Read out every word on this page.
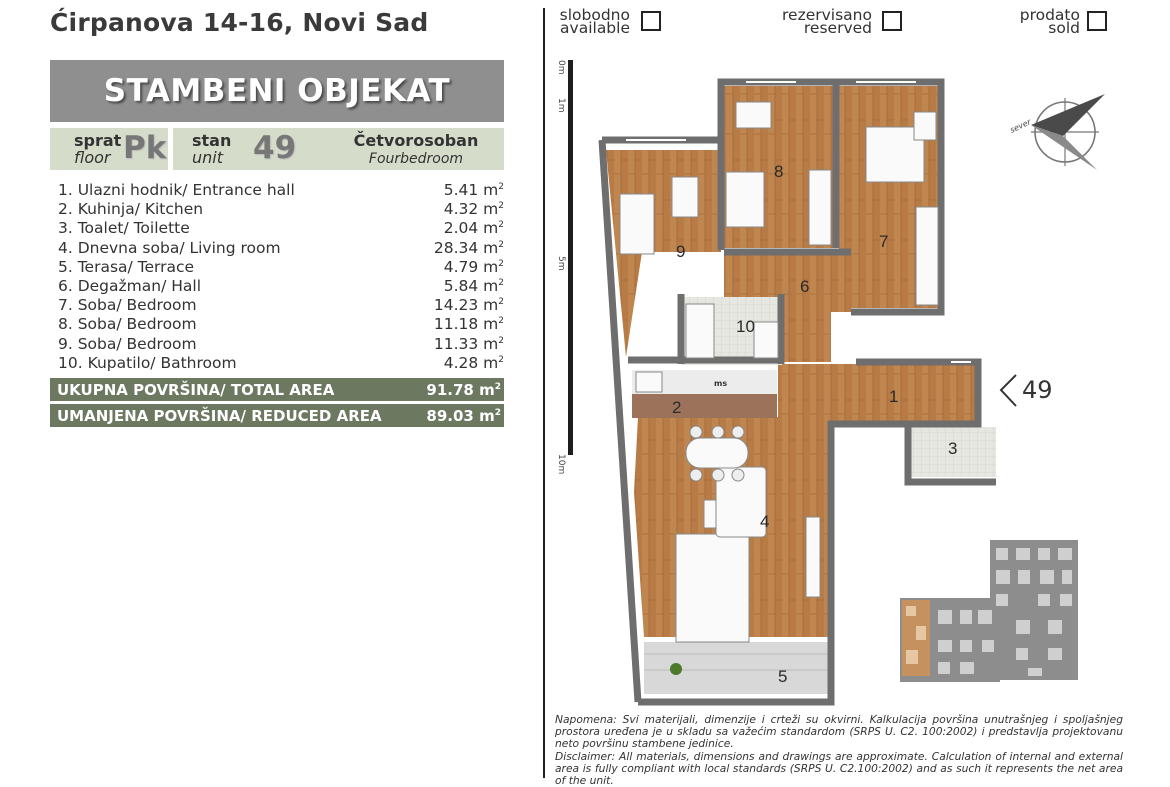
Ćirpanova 14-16, Novi Sad
STAMBENI OBJEKAT
sprat
floor Pk stan
unit 49	Četvorosoban
Fourbedroom
1. Ulazni hodnik/ Entrance hall	5.41 $m^2$
2. Kuhinja/ Kitchen	4.32 $m^2$
3. Toalet/ Toilette	2.04 $m^2$
4. Dnevna soba/ Living room	28.34 $m^2$
5. Terasa/ Terrace	4.79 $m^2$
6. Degažman/ Hall	5.84 $m^2$
7. Soba/ Bedroom	14.23 $m^2$
8. Soba/ Bedroom	11.18 $m^2$
9. Soba/ Bedroom	11.33 $m^2$
10. Kupatilo/ Bathroom	4.28 $m^2$
UKUPNA POVRŠINA/ TOTAL AREA	91.78 $m^2$
UMANJENA POVRŠINA/ REDUCED AREA	89.03 $m^2$
slobodno
available
rezervisano
reserved
prodato
sold
0m
1m
5m
10m
sever
1
2
3
4
5
6
7
8
9
10
ms	49

Napomena: Svi materijali, dimenzije i crteži su okvirni. Kalkulacija površina unutrašnjeg i spoljašnjeg prostora uređena je u skladu sa važećim standardom (SRPS U. C2. 100:2002) i predstavlja projektovanu neto površinu stambene jedinice.

Disclaimer: All materials, dimensions and drawings are approximate. Calculation of internal and external area is fully compliant with local standards (SRPS U. C2.100:2002) and as such it represents the net area of the unit.
